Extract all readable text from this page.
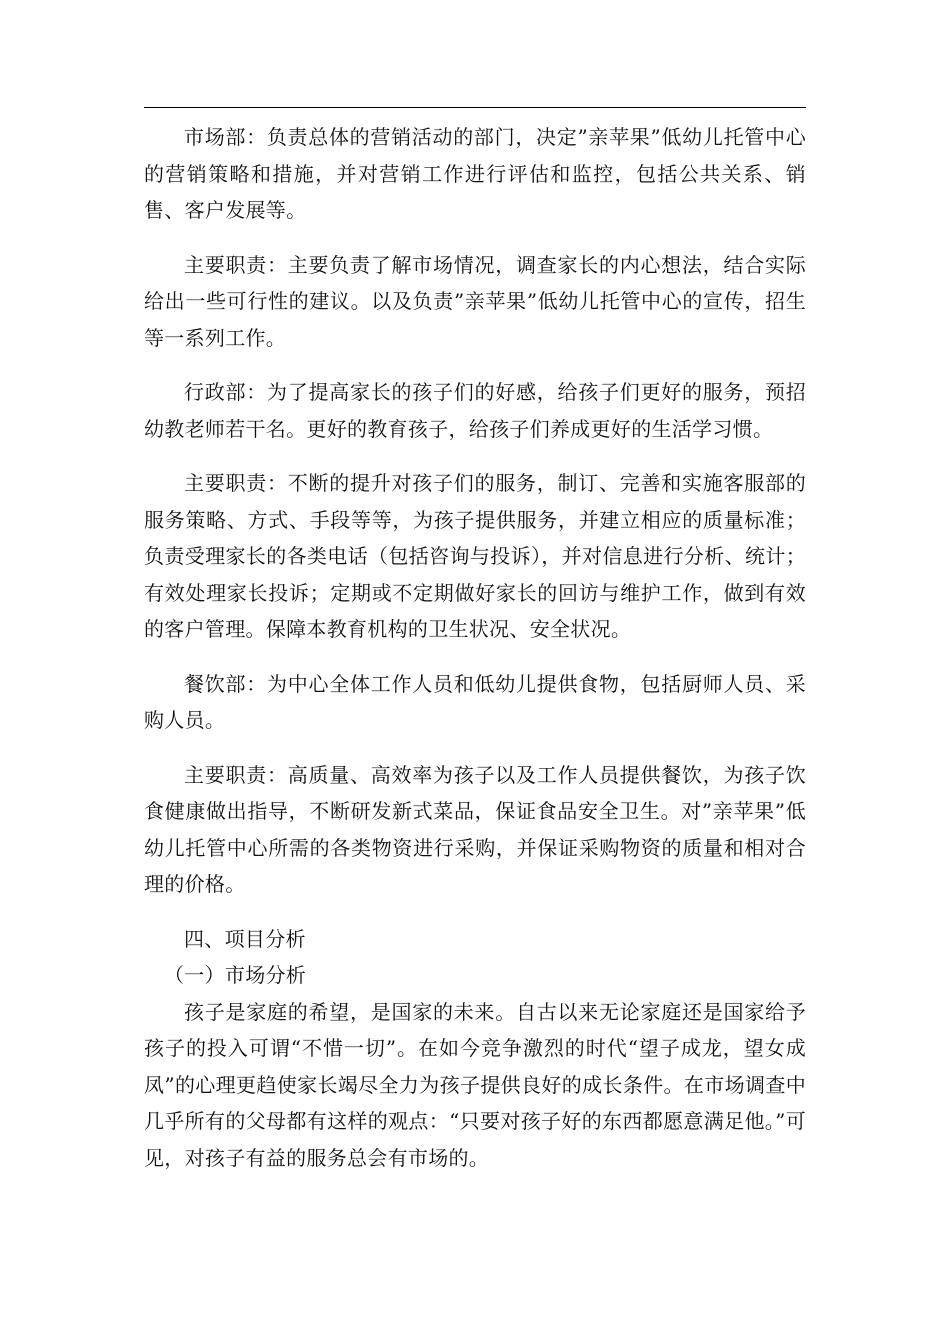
市场部：负责总体的营销活动的部门，决定”亲苹果”低幼儿托管中心的营销策略和措施，并对营销工作进行评估和监控，包括公共关系、销售、客户发展等。

主要职责：主要负责了解市场情况，调查家长的内心想法，结合实际给出一些可行性的建议。以及负责”亲苹果”低幼儿托管中心的宣传，招生等一系列工作。

行政部：为了提高家长的孩子们的好感，给孩子们更好的服务，预招幼教老师若干名。更好的教育孩子，给孩子们养成更好的生活学习惯。

主要职责：不断的提升对孩子们的服务，制订、完善和实施客服部的服务策略、方式、手段等等，为孩子提供服务，并建立相应的质量标准；负责受理家长的各类电话（包括咨询与投诉），并对信息进行分析、统计；有效处理家长投诉；定期或不定期做好家长的回访与维护工作，做到有效的客户管理。保障本教育机构的卫生状况、安全状况。

餐饮部：为中心全体工作人员和低幼儿提供食物，包括厨师人员、采购人员。

主要职责：高质量、高效率为孩子以及工作人员提供餐饮，为孩子饮食健康做出指导，不断研发新式菜品，保证食品安全卫生。对”亲苹果”低幼儿托管中心所需的各类物资进行采购，并保证采购物资的质量和相对合理的价格。

四、项目分析

（一）市场分析

孩子是家庭的希望，是国家的未来。自古以来无论家庭还是国家给予孩子的投入可谓“不惜一切”。在如今竞争激烈的时代“望子成龙，望女成凤”的心理更趋使家长竭尽全力为孩子提供良好的成长条件。在市场调查中几乎所有的父母都有这样的观点：“只要对孩子好的东西都愿意满足他。”可见，对孩子有益的服务总会有市场的。
